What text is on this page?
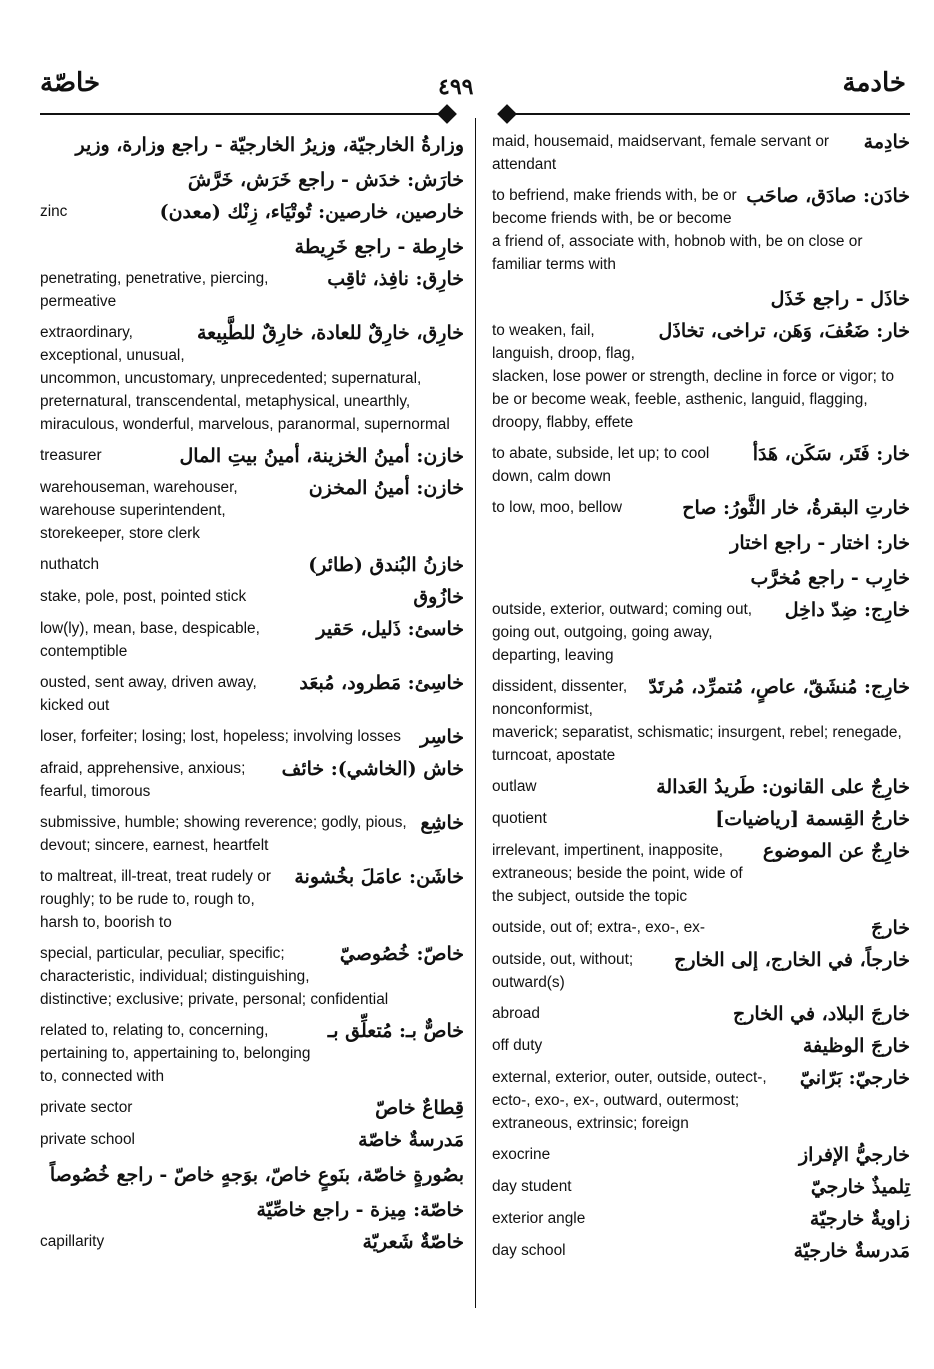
خاصّة	٤٩٩	خادمة
وزارةُ الخارجيّة، وزيرُ الخارجيّة - راجع وزارة، وزير
خارَش: خدَش - راجع خَرَش، خَرَّشَ
خارصين، خارصين: تُوتْيَاء، زِنْك (معدن)
zinc
خارِطة - راجع خَرِيطة
خارِق: نافِذ، ثاقِب
penetrating, penetrative, piercing, permeative
خارِق، خارِقٌ للعادة، خارِقٌ للطَّبِيعة
extraordinary, exceptional, unusual, uncommon, uncustomary, unprecedented; supernatural, preternatural, transcendental, metaphysical, unearthly, miraculous, wonderful, marvelous, paranormal, supernormal
خازن: أمينُ الخزينة، أمينُ بيتِ المال
treasurer
خازن: أمينُ المخزن
warehouseman, warehouser, warehouse superintendent, storekeeper, store clerk
خازنُ البُندق (طائر)
nuthatch
خازُوق
stake, pole, post, pointed stick
خاسئ: ذَليل، حَقير
low(ly), mean, base, despicable, contemptible
خاسِئ: مَطرود، مُبعَد
ousted, sent away, driven away, kicked out
خاسِر
loser, forfeiter; losing; lost, hopeless; involving losses
خاش (الخاشي): خائف
afraid, apprehensive, anxious; fearful, timorous
خاشِع
submissive, humble; showing reverence; godly, pious, devout; sincere, earnest, heartfelt
خاشَن: عامَلَ بخُشونة
to maltreat, ill-treat, treat rudely or roughly; to be rude to, rough to, harsh to, boorish to
خاصّ: خُصُوصيّ
special, particular, peculiar, specific; characteristic, individual; distinguishing, distinctive; exclusive; private, personal; confidential
خاصٌّ بـ: مُتعلِّق بـ
related to, relating to, concerning, pertaining to, appertaining to, belonging to, connected with
قِطاعٌ خاصّ
private sector
مَدرسةٌ خاصّة
private school
بصُورةٍ خاصّة، بنَوعٍ خاصّ، بوَجهٍ خاصّ - راجع خُصُوصاً
خاصّة: مِيزة - راجع خاصِّيّة
خاصّةٌ شَعريّة
capillarity
خادِمة
maid, housemaid, maidservant, female servant or attendant
خادَن: صادَق، صاحَب
to befriend, make friends with, be or become friends with, be or become a friend of, associate with, hobnob with, be on close or familiar terms with
خاذَل - راجع خَذَل
خار: ضَعُفَ، وَهَن، تراخى، تخاذَل
to weaken, fail, languish, droop, flag, slacken, lose power or strength, decline in force or vigor; to be or become weak, feeble, asthenic, languid, flagging, droopy, flabby, effete
خار: فَتَر، سَكَن، هَدَأ
to abate, subside, let up; to cool down, calm down
خارتِ البقرةُ، خار الثَّورُ: صاح
to low, moo, bellow
خار: اختار - راجع اختار
خارِب - راجع مُخرَّب
خارِج: ضِدّ داخِل
outside, exterior, outward; coming out, going out, outgoing, going away, departing, leaving
خارِج: مُنشَقّ، عاصٍ، مُتمرِّد، مُرتَدّ
dissident, dissenter, nonconformist, maverick; separatist, schismatic; insurgent, rebel; renegade, turncoat, apostate
خارِجٌ على القانون: طَريدُ العَدالة
outlaw
خارجُ القِسمة [رياضيات]
quotient
خارِجٌ عن الموضوع
irrelevant, impertinent, inapposite, extraneous; beside the point, wide of the subject, outside the topic
خارجَ
outside, out of; extra-, exo-, ex-
خارجاً، في الخارج، إلى الخارج
outside, out, without; outward(s)
خارجَ البلاد، في الخارج
abroad
خارجَ الوظيفة
off duty
خارجيّ: بَرّانيّ
external, exterior, outer, outside, outect-, ecto-, exo-, ex-, outward, outermost; extraneous, extrinsic; foreign
خارجيُّ الإفراز
exocrine
تِلميذٌ خارجيّ
day student
زاويةٌ خارجيّة
exterior angle
مَدرسةٌ خارجيّة
day school
